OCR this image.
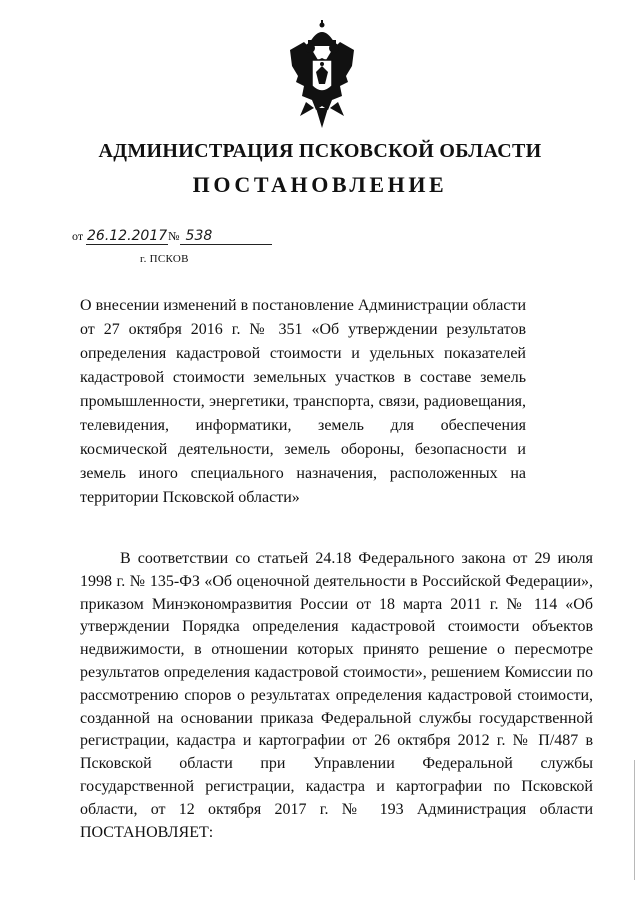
АДМИНИСТРАЦИЯ ПСКОВСКОЙ ОБЛАСТИ
ПОСТАНОВЛЕНИЕ
от 26.12.2017№ 538
г. ПСКОВ
О внесении изменений в постановление Администрации области от 27 октября 2016 г. № 351 «Об утверждении результатов определения кадастровой стоимости и удельных показателей кадастровой стоимости земельных участков в составе земель промышленности, энергетики, транспорта, связи, радиовещания, телевидения, информатики, земель для обеспечения космической деятельности, земель обороны, безопасности и земель иного специального назначения, расположенных на территории Псковской области»
В соответствии со статьей 24.18 Федерального закона от 29 июля 1998 г. № 135-ФЗ «Об оценочной деятельности в Российской Федерации», приказом Минэкономразвития России от 18 марта 2011 г. № 114 «Об утверждении Порядка определения кадастровой стоимости объектов недвижимости, в отношении которых принято решение о пересмотре результатов определения кадастровой стоимости», решением Комиссии по рассмотрению споров о результатах определения кадастровой стоимости, созданной на основании приказа Федеральной службы государственной регистрации, кадастра и картографии от 26 октября 2012 г. № П/487 в Псковской области при Управлении Федеральной службы государственной регистрации, кадастра и картографии по Псковской области, от 12 октября 2017 г. № 193 Администрация области ПОСТАНОВЛЯЕТ:
